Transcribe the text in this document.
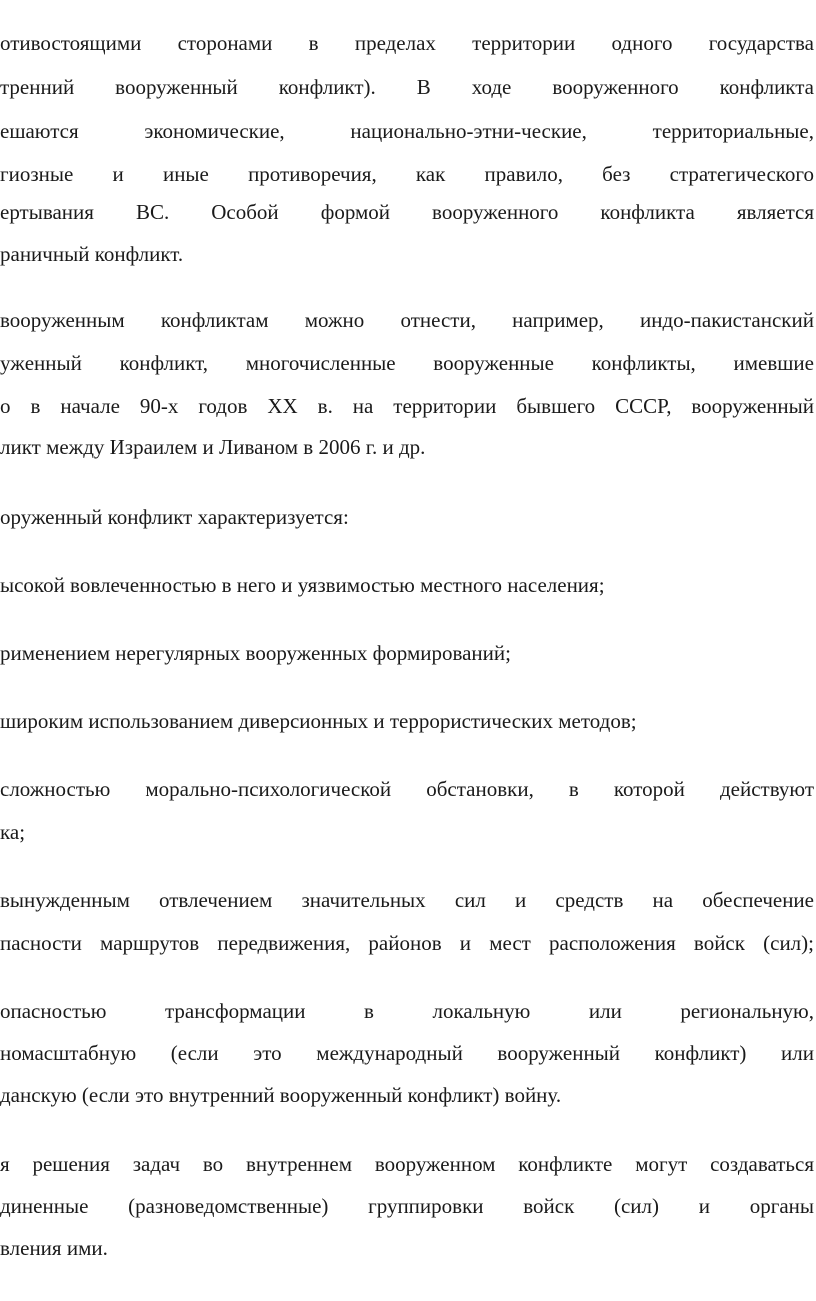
отивостоящими сторонами в пределах территории одного государства
тренний вооруженный конфликт). В ходе вооруженного конфликта
ешаются экономические, национально-этни-ческие, территориальные,
гиозные и иные противоречия, как правило, без стратегического
ертывания ВС. Особой формой вооруженного конфликта является
раничный конфликт.
вооруженным конфликтам можно отнести, например, индо-пакистанский
ужeнный конфликт, многочисленные вооруженные конфликты, имевшие
о в начале 90-х годов XX в. на территории бывшего СССР, вооруженный
ликт между Израилем и Ливаном в 2006 г. и др.
оруженный конфликт характеризуется:
ысокой вовлеченностью в него и уязвимостью местного населения;
рименением нерегулярных вооруженных формирований;
широким использованием диверсионных и террористических методов;
сложностью морально-психологической обстановки, в которой действуют
ка;
вынужденным отвлечением значительных сил и средств на обеспечение
пасности маршрутов передвижения, районов и мест расположения войск (сил);
опасностью трансформации в локальную или региональную,
номасштабную (если это международный вооруженный конфликт) или
данскую (если это внутренний вооруженный конфликт) войну.
я решения задач во внутреннем вооруженном конфликте могут создаваться
диненные (разноведомственные) группировки войск (сил) и органы
вления ими.
